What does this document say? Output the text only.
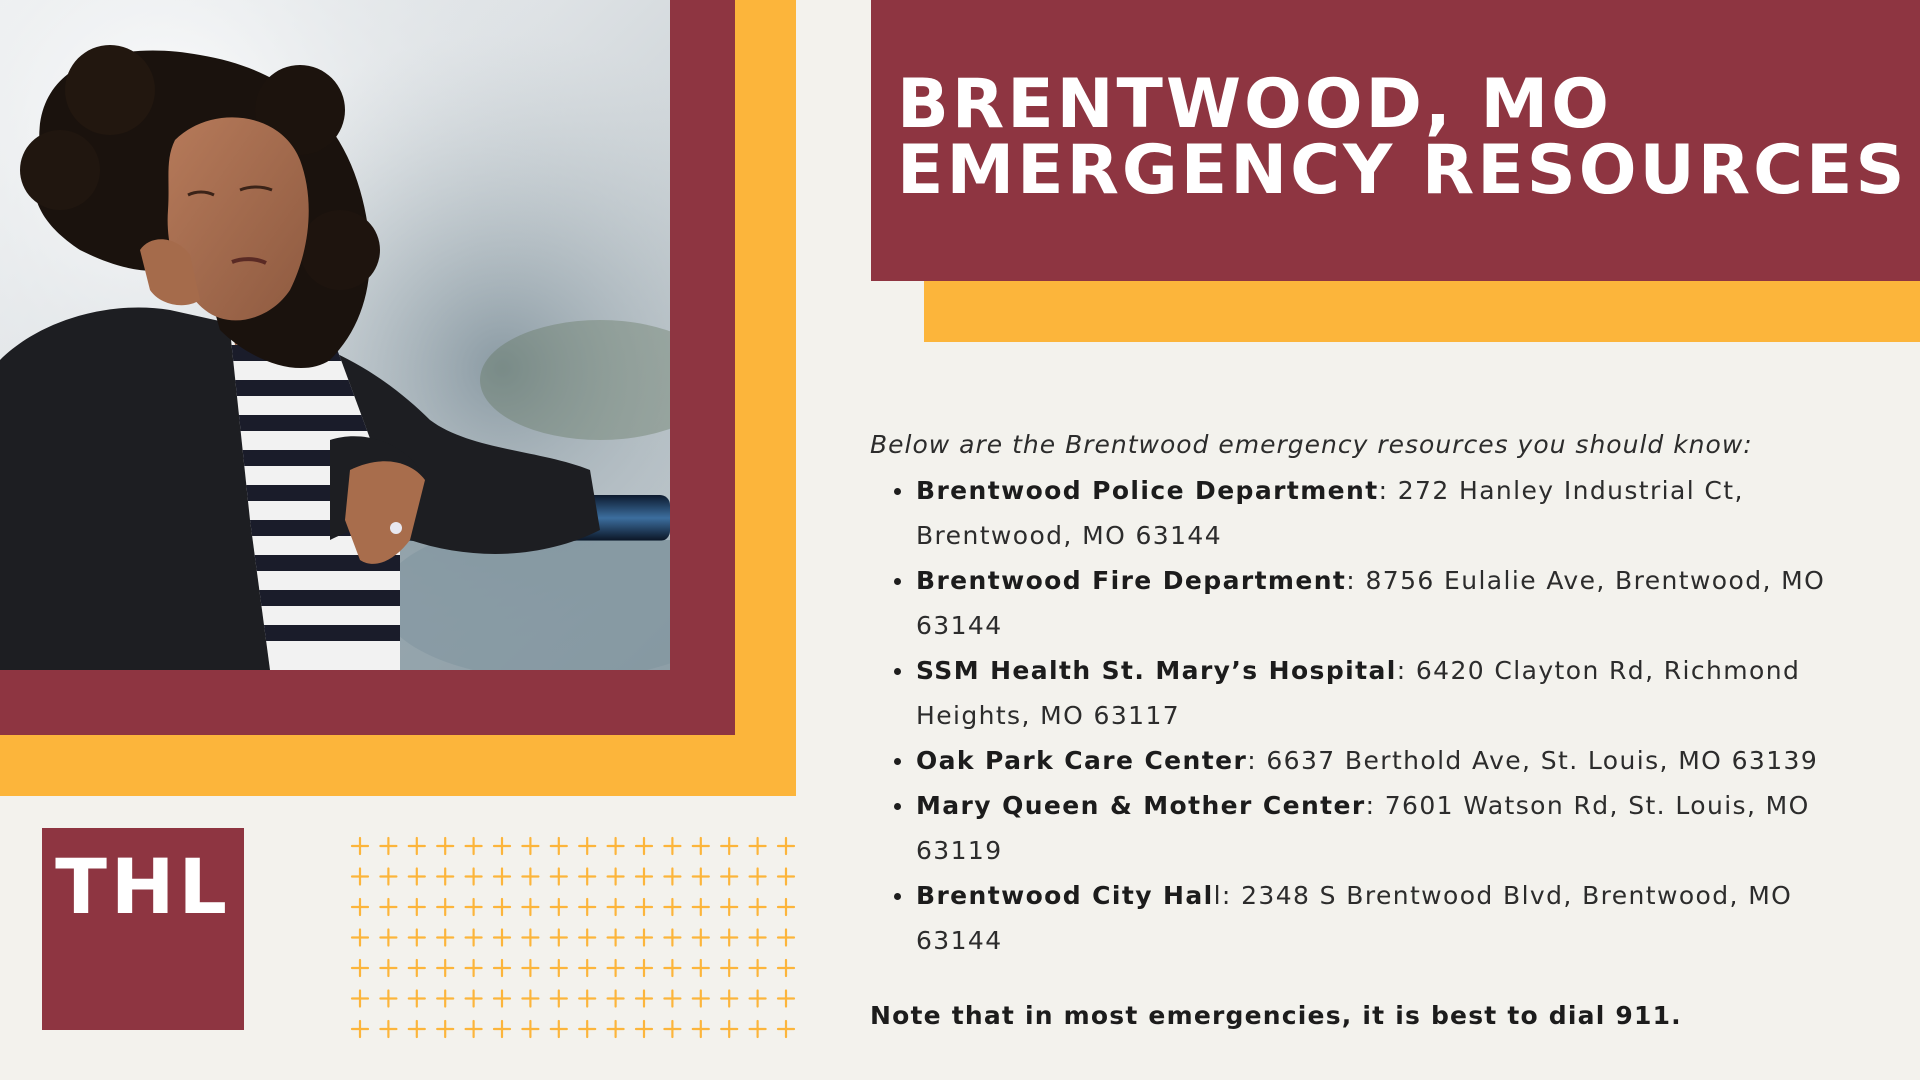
THL
BRENTWOOD, MO
EMERGENCY RESOURCES

Below are the Brentwood emergency resources you should know:

Brentwood Police Department: 272 Hanley Industrial Ct, Brentwood, MO 63144
Brentwood Fire Department: 8756 Eulalie Ave, Brentwood, MO 63144
SSM Health St. Mary’s Hospital: 6420 Clayton Rd, Richmond Heights, MO 63117
Oak Park Care Center: 6637 Berthold Ave, St. Louis, MO 63139
Mary Queen & Mother Center: 7601 Watson Rd, St. Louis, MO 63119
Brentwood City Hall: 2348 S Brentwood Blvd, Brentwood, MO 63144

Note that in most emergencies, it is best to dial 911.
